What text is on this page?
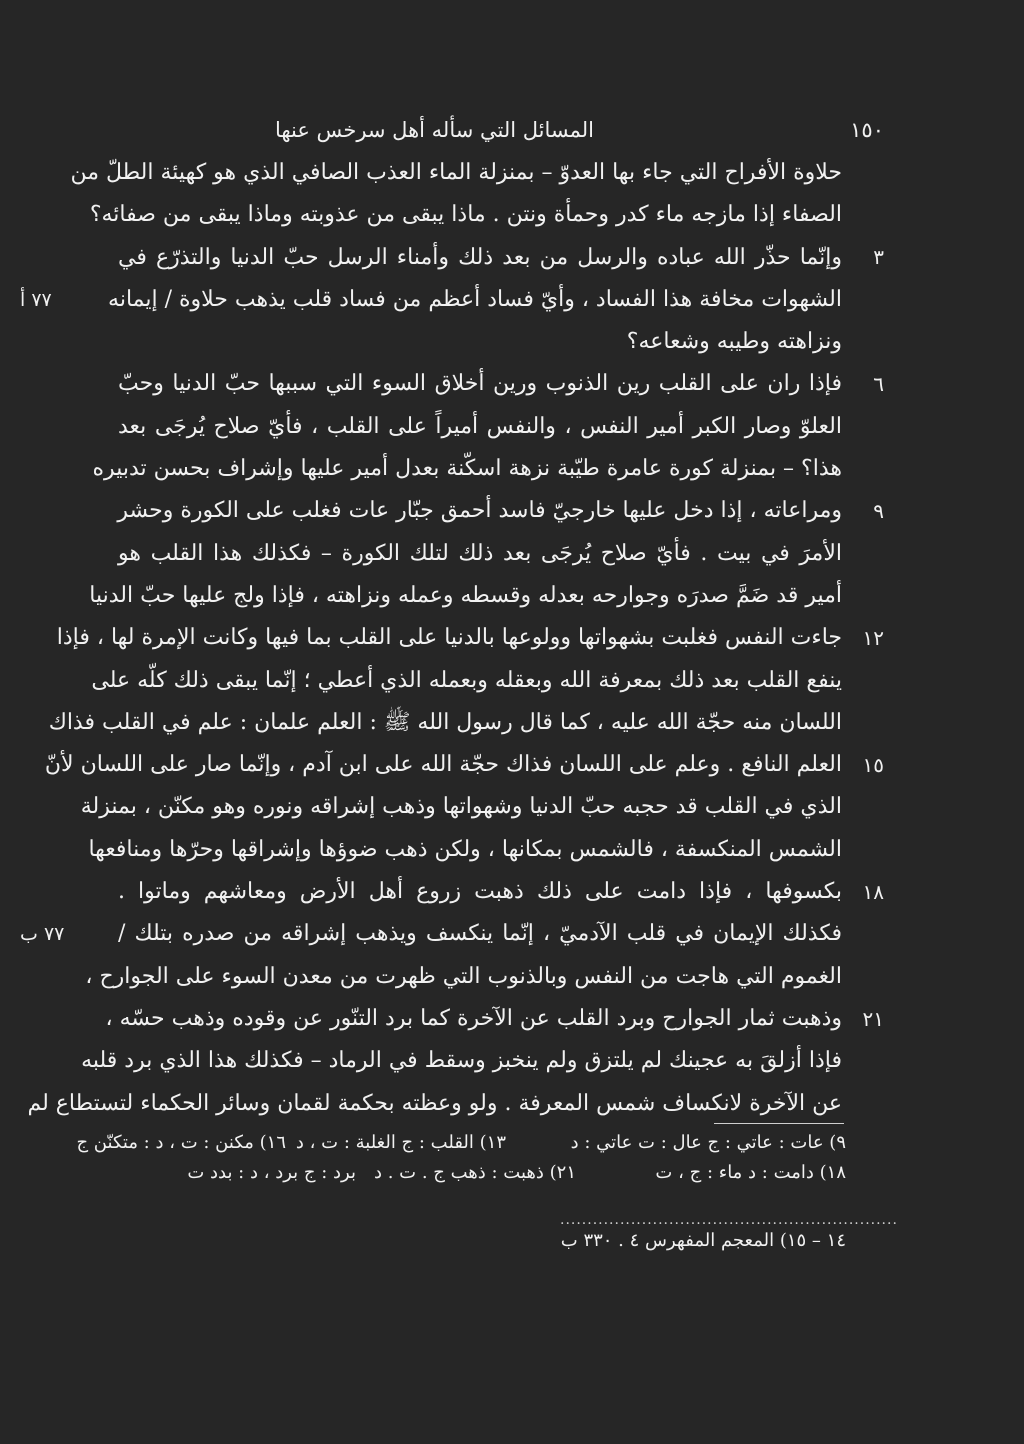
المسائل التي سأله أهل سرخس عنها	١٥٠
حلاوة الأفراح التي جاء بها العدوّ – بمنزلة الماء العذب الصافي الذي هو كهيئة الطلّ من
الصفاء إذا مازجه ماء كدر وحمأة ونتن . ماذا يبقى من عذوبته وماذا يبقى من صفائه؟
وإنّما حذّر الله عباده والرسل من بعد ذلك وأمناء الرسل حبّ الدنيا والتذرّع في
الشهوات مخافة هذا الفساد ، وأيّ فساد أعظم من فساد قلب يذهب حلاوة / إيمانه
ونزاهته وطيبه وشعاعه؟
فإذا ران على القلب رين الذنوب ورين أخلاق السوء التي سببها حبّ الدنيا وحبّ
العلوّ وصار الكبر أمير النفس ، والنفس أميراً على القلب ، فأيّ صلاح يُرجَى بعد
هذا؟ – بمنزلة كورة عامرة طيّبة نزهة اسكّنة بعدل أمير عليها وإشراف بحسن تدبيره
ومراعاته ، إذا دخل عليها خارجيّ فاسد أحمق جبّار عات فغلب على الكورة وحشر
الأمرَ في بيت . فأيّ صلاح يُرجَى بعد ذلك لتلك الكورة – فكذلك هذا القلب هو
أمير قد ضَمَّ صدرَه وجوارحه بعدله وقسطه وعمله ونزاهته ، فإذا ولج عليها حبّ الدنيا
جاءت النفس فغلبت بشهواتها وولوعها بالدنيا على القلب بما فيها وكانت الإمرة لها ، فإذا
ينفع القلب بعد ذلك بمعرفة الله وبعقله وبعمله الذي أعطي ؛ إنّما يبقى ذلك كلّه على
اللسان منه حجّة الله عليه ، كما قال رسول الله ﷺ : العلم علمان : علم في القلب فذاك
العلم النافع . وعلم على اللسان فذاك حجّة الله على ابن آدم ، وإنّما صار على اللسان لأنّ
الذي في القلب قد حجبه حبّ الدنيا وشهواتها وذهب إشراقه ونوره وهو مكنّن ، بمنزلة
الشمس المنكسفة ، فالشمس بمكانها ، ولكن ذهب ضوؤها وإشراقها وحرّها ومنافعها
بكسوفها ، فإذا دامت على ذلك ذهبت زروع أهل الأرض ومعاشهم وماتوا .
فكذلك الإيمان في قلب الآدميّ ، إنّما ينكسف ويذهب إشراقه من صدره بتلك /
الغموم التي هاجت من النفس وبالذنوب التي ظهرت من معدن السوء على الجوارح ،
وذهبت ثمار الجوارح وبرد القلب عن الآخرة كما برد التنّور عن وقوده وذهب حسّه ،
فإذا أزلقَ به عجينك لم يلتزق ولم ينخبز وسقط في الرماد – فكذلك هذا الذي برد قلبه
عن الآخرة لانكساف شمس المعرفة . ولو وعظته بحكمة لقمان وسائر الحكماء لتستطاع لم
٣
٦
٩
١٢
١٥
١٨
٢١
٧٧ أ
٧٧ ب
٩) عات : عاتي : ج عال : ت عاتي : د
١٣) القلب : ج الغلبة : ت ، د
١٦) مكنن : ت ، د : متكنّن ج
١٨) دامت : د ماء : ج ، ت
٢١) ذهبت : ذهب ج . ت . د
برد : ج برد ، د : بدد ت
..............................................................
١٤ – ١٥) المعجم المفهرس ٤ . ٣٣٠ ب
